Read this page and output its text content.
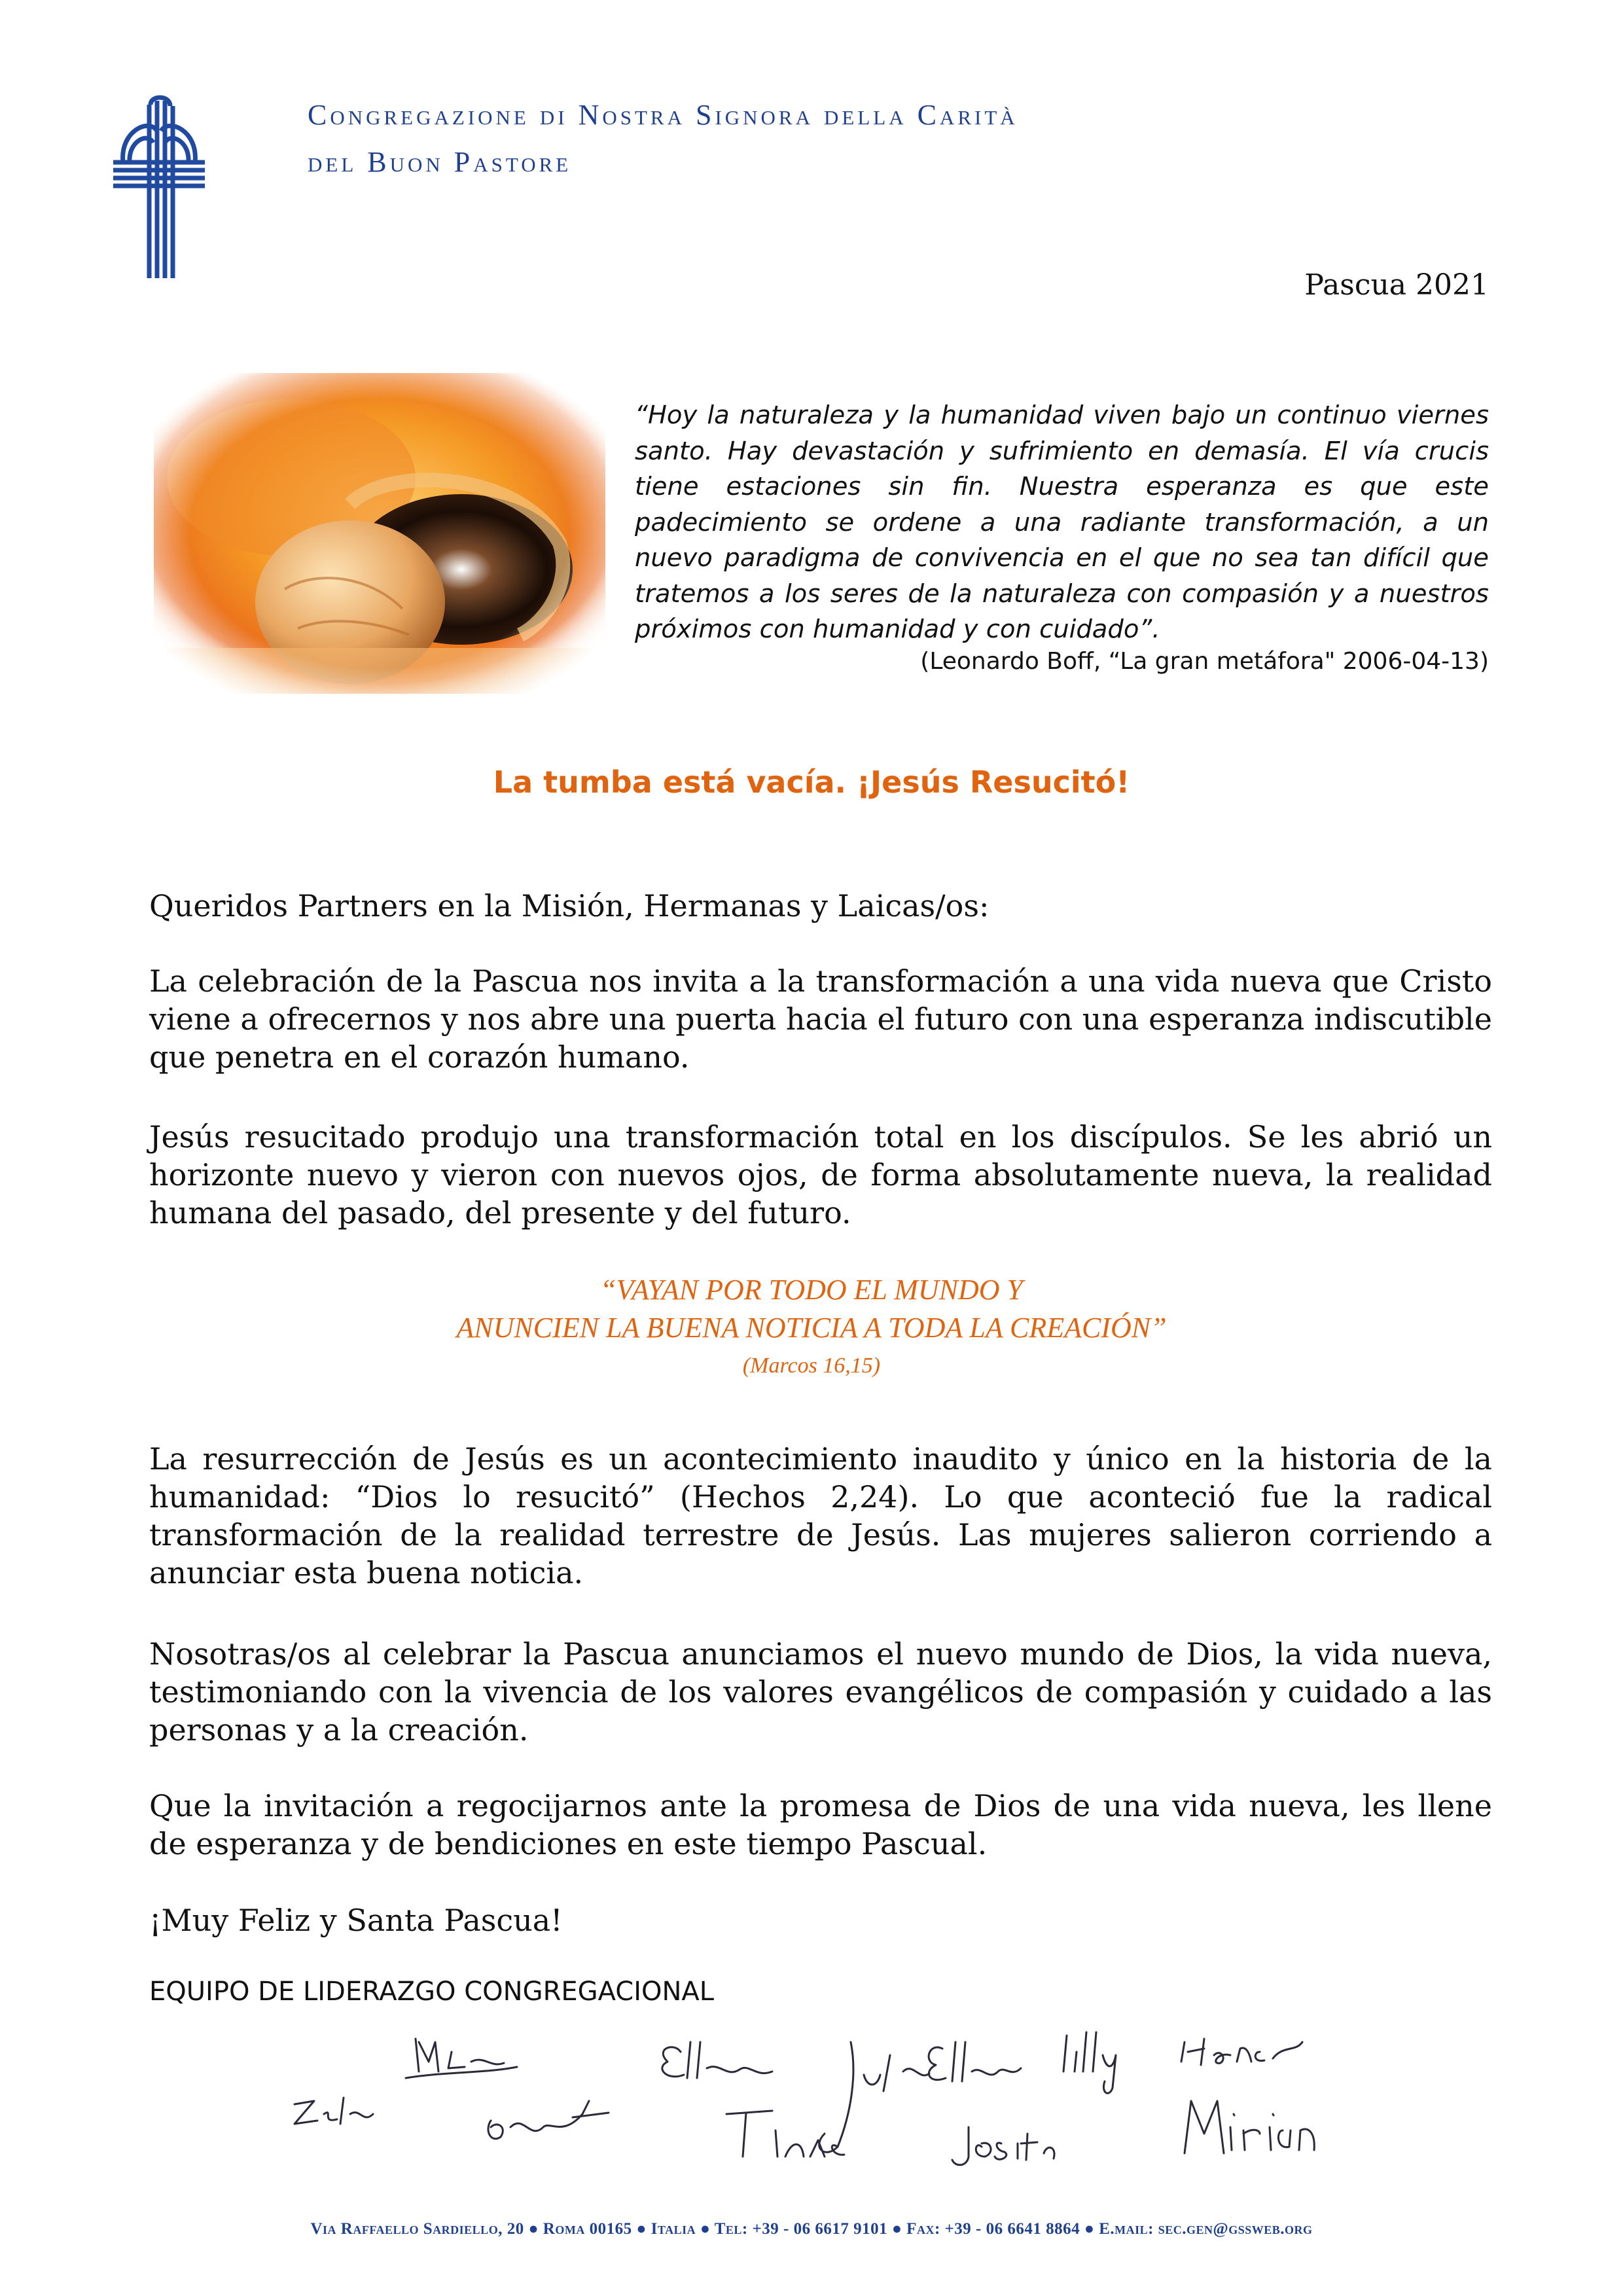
Congregazione di Nostra Signora della Carità
del Buon Pastore
Pascua 2021
“Hoy la naturaleza y la humanidad viven bajo un continuo viernes santo. Hay devastación y sufrimiento en demasía. El vía crucis tiene estaciones sin fin. Nuestra esperanza es que este padecimiento se ordene a una radiante transformación, a un nuevo paradigma de convivencia en el que no sea tan difícil que tratemos a los seres de la naturaleza con compasión y a nuestros próximos con humanidad y con cuidado”.
(Leonardo Boff, “La gran metáfora" 2006-04-13)
La tumba está vacía. ¡Jesús Resucitó!
Queridos Partners en la Misión, Hermanas y Laicas/os:
La celebración de la Pascua nos invita a la transformación a una vida nueva que Cristo viene a ofrecernos y nos abre una puerta hacia el futuro con una esperanza indiscutible que penetra en el corazón humano.
Jesús resucitado produjo una transformación total en los discípulos. Se les abrió un horizonte nuevo y vieron con nuevos ojos, de forma absolutamente nueva, la realidad humana del pasado, del presente y del futuro.
“VAYAN POR TODO EL MUNDO Y
ANUNCIEN LA BUENA NOTICIA A TODA LA CREACIÓN”
(Marcos 16,15)
La resurrección de Jesús es un acontecimiento inaudito y único en la historia de la humanidad: “Dios lo resucitó” (Hechos 2,24). Lo que aconteció fue la radical transformación de la realidad terrestre de Jesús. Las mujeres salieron corriendo a anunciar esta buena noticia.
Nosotras/os al celebrar la Pascua anunciamos el nuevo mundo de Dios, la vida nueva, testimoniando con la vivencia de los valores evangélicos de compasión y cuidado a las personas y a la creación.
Que la invitación a regocijarnos ante la promesa de Dios de una vida nueva, les llene de esperanza y de bendiciones en este tiempo Pascual.
¡Muy Feliz y Santa Pascua!
EQUIPO DE LIDERAZGO CONGREGACIONAL
Via Raffaello Sardiello, 20 ● Roma 00165 ● Italia ● Tel: +39 - 06 6617 9101 ● Fax: +39 - 06 6641 8864 ● E.mail: sec.gen@gssweb.org
